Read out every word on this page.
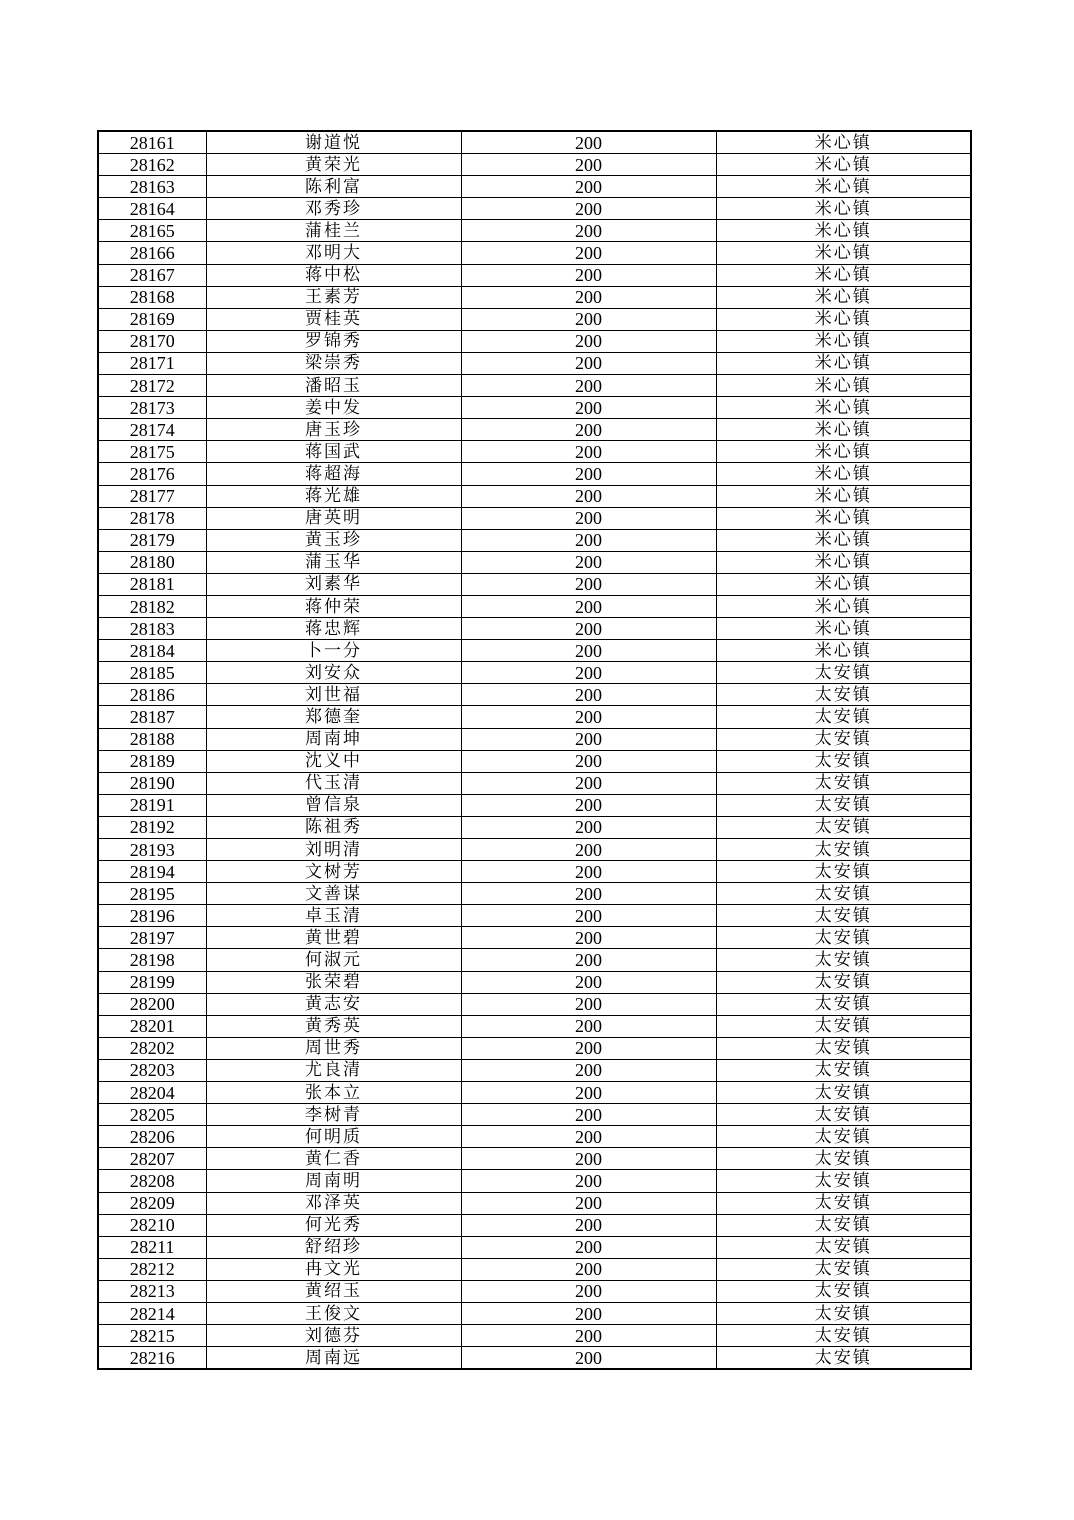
28161	谢道悦	200	米心镇
28162	黄荣光	200	米心镇
28163	陈利富	200	米心镇
28164	邓秀珍	200	米心镇
28165	蒲桂兰	200	米心镇
28166	邓明大	200	米心镇
28167	蒋中松	200	米心镇
28168	王素芳	200	米心镇
28169	贾桂英	200	米心镇
28170	罗锦秀	200	米心镇
28171	梁崇秀	200	米心镇
28172	潘昭玉	200	米心镇
28173	姜中发	200	米心镇
28174	唐玉珍	200	米心镇
28175	蒋国武	200	米心镇
28176	蒋超海	200	米心镇
28177	蒋光雄	200	米心镇
28178	唐英明	200	米心镇
28179	黄玉珍	200	米心镇
28180	蒲玉华	200	米心镇
28181	刘素华	200	米心镇
28182	蒋仲荣	200	米心镇
28183	蒋忠辉	200	米心镇
28184	卜一分	200	米心镇
28185	刘安众	200	太安镇
28186	刘世福	200	太安镇
28187	郑德奎	200	太安镇
28188	周南坤	200	太安镇
28189	沈义中	200	太安镇
28190	代玉清	200	太安镇
28191	曾信泉	200	太安镇
28192	陈祖秀	200	太安镇
28193	刘明清	200	太安镇
28194	文树芳	200	太安镇
28195	文善谋	200	太安镇
28196	卓玉清	200	太安镇
28197	黄世碧	200	太安镇
28198	何淑元	200	太安镇
28199	张荣碧	200	太安镇
28200	黄志安	200	太安镇
28201	黄秀英	200	太安镇
28202	周世秀	200	太安镇
28203	尤良清	200	太安镇
28204	张本立	200	太安镇
28205	李树青	200	太安镇
28206	何明质	200	太安镇
28207	黄仁香	200	太安镇
28208	周南明	200	太安镇
28209	邓泽英	200	太安镇
28210	何光秀	200	太安镇
28211	舒绍珍	200	太安镇
28212	冉文光	200	太安镇
28213	黄绍玉	200	太安镇
28214	王俊文	200	太安镇
28215	刘德芬	200	太安镇
28216	周南远	200	太安镇
